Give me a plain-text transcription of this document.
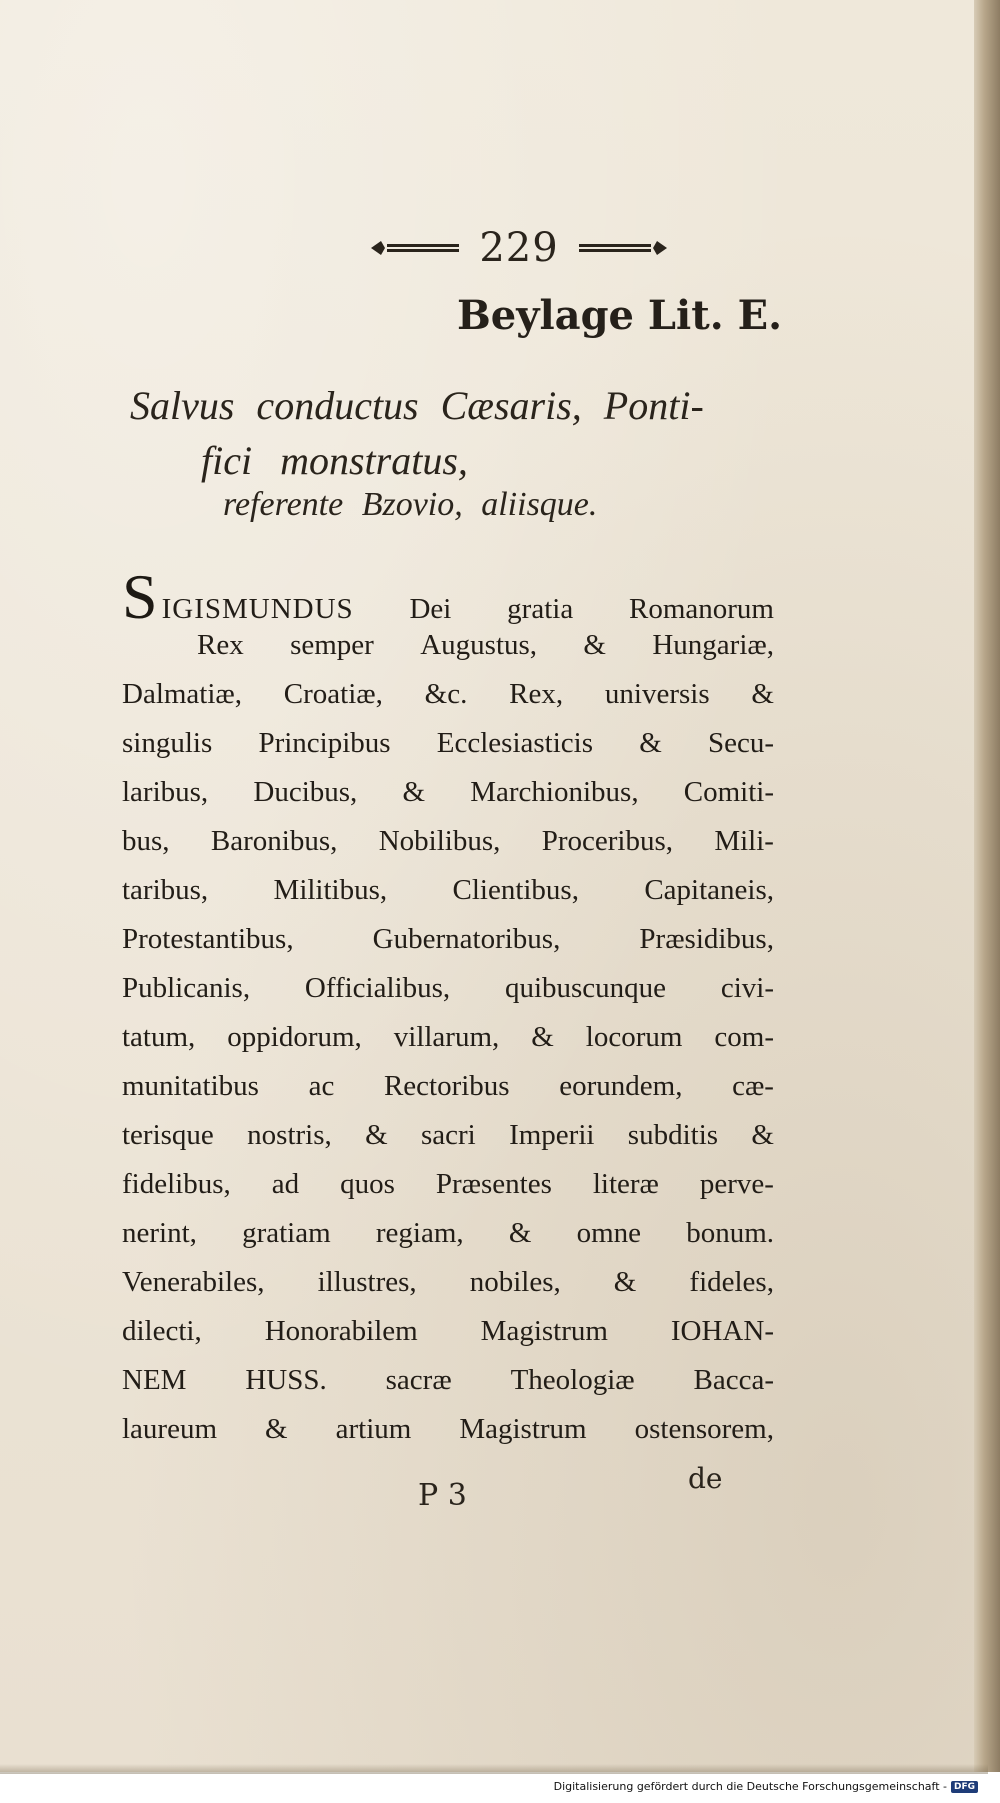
229
Beylage Lit. E.
Salvus conductus Cæsaris, Ponti-
fici monstratus,
referente Bzovio, aliisque.
S IGISMUNDUS Dei gratia Romanorum
Rex semper Augustus, & Hungariæ,
Dalmatiæ, Croatiæ, &c. Rex, universis &
singulis Principibus Ecclesiasticis & Secu-
laribus, Ducibus, & Marchionibus, Comiti-
bus, Baronibus, Nobilibus, Proceribus, Mili-
taribus, Militibus, Clientibus, Capitaneis,
Protestantibus,	Gubernatoribus,	Præsidibus,
Publicanis, Officialibus, quibuscunque civi-
tatum, oppidorum, villarum, & locorum com-
munitatibus ac Rectoribus eorundem, cæ-
terisque nostris, & sacri Imperii subditis &
fidelibus, ad quos Præsentes literæ perve-
nerint, gratiam regiam, & omne bonum.
Venerabiles, illustres, nobiles, & fideles,
dilecti, Honorabilem Magistrum IOHAN-
NEM HUSS. sacræ Theologiæ Bacca-
laureum & artium Magistrum ostensorem,
P 3	de
Digitalisierung gefördert durch die Deutsche Forschungsgemeinschaft - DFG
